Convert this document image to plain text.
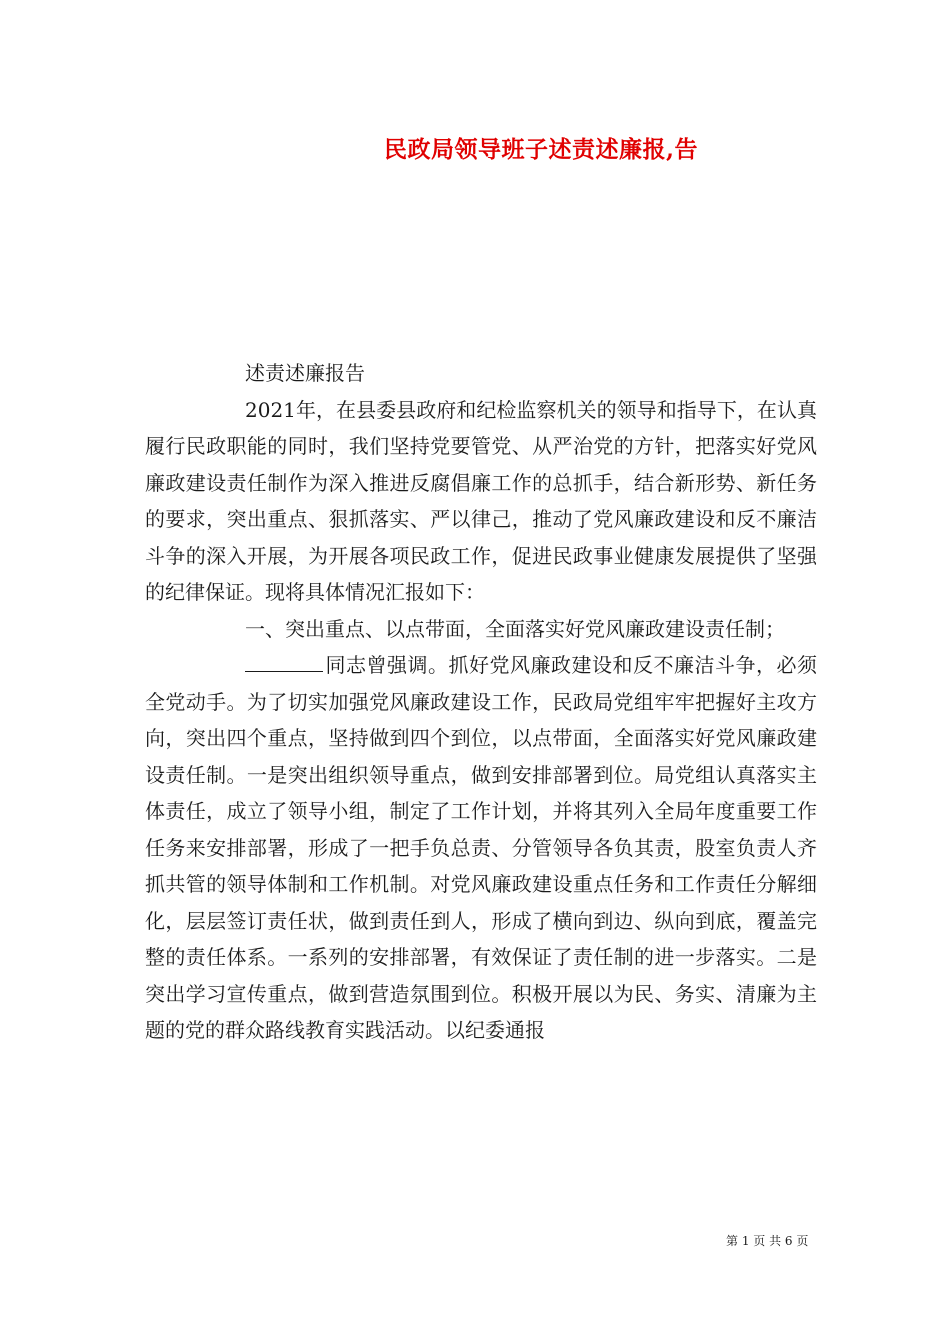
民政局领导班子述责述廉报,告

述责述廉报告

2021年，在县委县政府和纪检监察机关的领导和指导下，在认真履行民政职能的同时，我们坚持党要管党、从严治党的方针，把落实好党风廉政建设责任制作为深入推进反腐倡廉工作的总抓手，结合新形势、新任务的要求，突出重点、狠抓落实、严以律己，推动了党风廉政建设和反不廉洁斗争的深入开展，为开展各项民政工作，促进民政事业健康发展提供了坚强的纪律保证。现将具体情况汇报如下：

一、突出重点、以点带面，全面落实好党风廉政建设责任制；

同志曾强调。抓好党风廉政建设和反不廉洁斗争，必须全党动手。为了切实加强党风廉政建设工作，民政局党组牢牢把握好主攻方向，突出四个重点，坚持做到四个到位，以点带面，全面落实好党风廉政建设责任制。一是突出组织领导重点，做到安排部署到位。局党组认真落实主体责任，成立了领导小组，制定了工作计划，并将其列入全局年度重要工作任务来安排部署，形成了一把手负总责、分管领导各负其责，股室负责人齐抓共管的领导体制和工作机制。对党风廉政建设重点任务和工作责任分解细化，层层签订责任状，做到责任到人，形成了横向到边、纵向到底，覆盖完整的责任体系。一系列的安排部署，有效保证了责任制的进一步落实。二是突出学习宣传重点，做到营造氛围到位。积极开展以为民、务实、清廉为主题的党的群众路线教育实践活动。以纪委通报

第 1 页 共 6 页
